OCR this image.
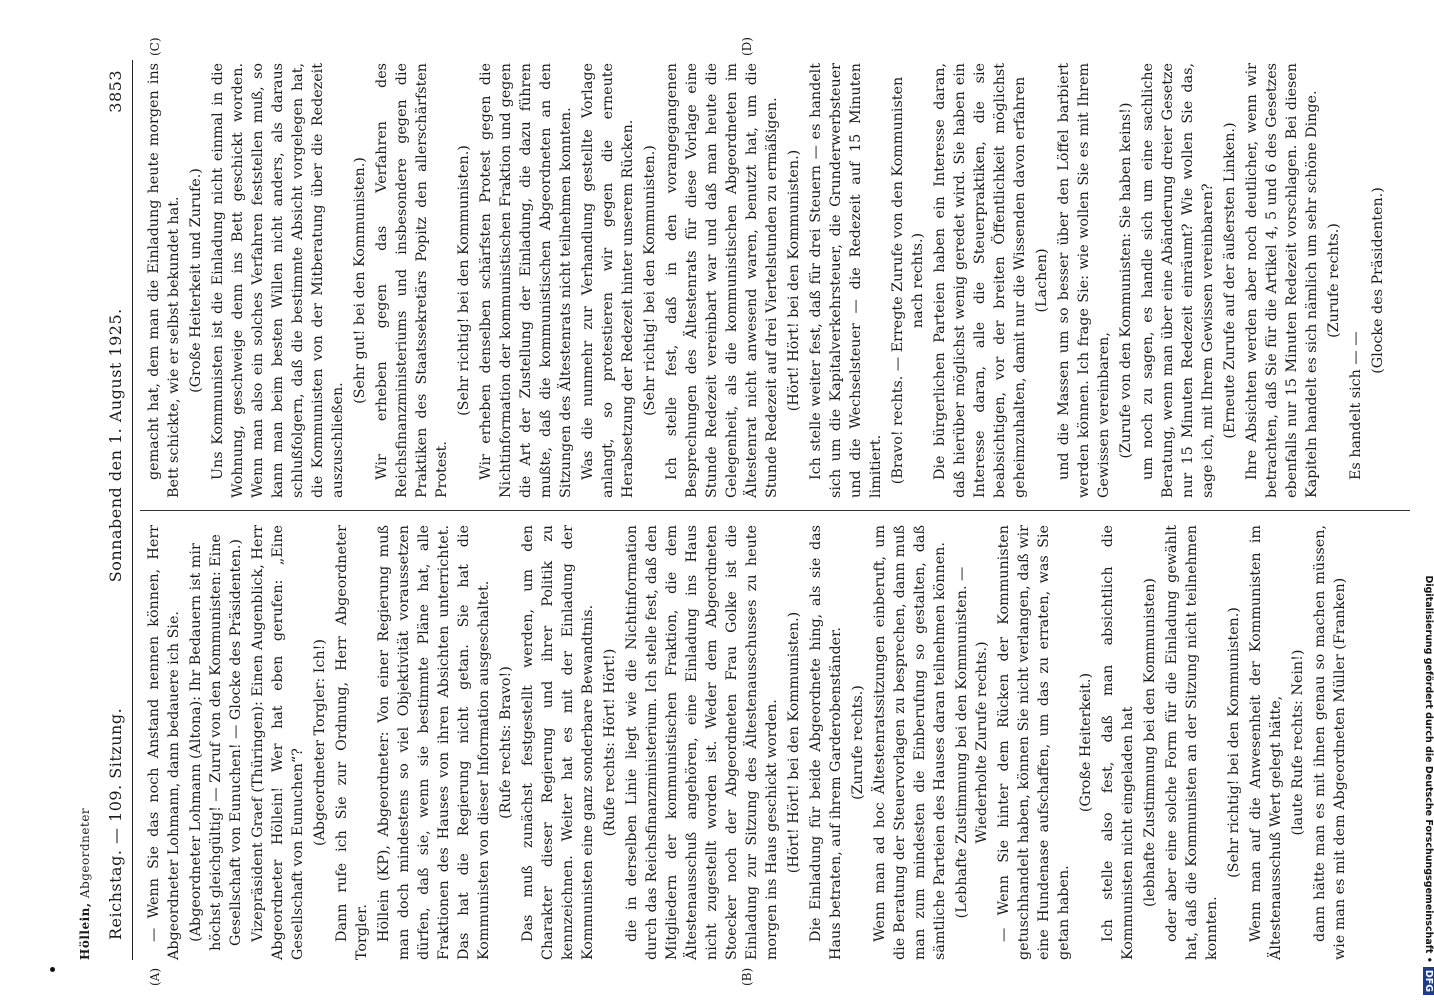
Höllein, Abgeordneter Reichstag. — 109. Sitzung.
Sonnabend den 1. August 1925.                                   3853
(A)	(B)
(C)	(D)

— Wenn Sie das noch Anstand nennen können, Herr Abgeordneter Lohmann, dann bedauere ich Sie. (Abgeordneter Lohmann (Altona): Ihr Bedauern ist mir höchst gleichgültig! — Zuruf von den Kommunisten: Eine Gesellschaft von Eunuchen! — Glocke des Präsidenten.) Vizepräsident Graef (Thüringen): Einen Augenblick, Herr Abgeordneter Höllein! Wer hat eben gerufen: „Eine Gesellschaft von Eunuchen“?

(Abgeordneter Torgler: Ich!) Dann rufe ich Sie zur Ordnung, Herr Abgeordneter Torgler. Höllein (KP), Abgeordneter: Von einer Regierung muß man doch mindestens so viel Objektivität voraussetzen dürfen, daß sie, wenn sie bestimmte Pläne hat, alle Fraktionen des Hauses von ihren Absichten unterrichtet. Das hat die Regierung nicht getan. Sie hat die Kommunisten von dieser Information ausgeschaltet. (Rufe rechts: Bravo!) Das muß zunächst festgestellt werden, um den Charakter dieser Regierung und ihrer Politik zu kennzeichnen. Weiter hat es mit der Einladung der Kommunisten eine ganz sonderbare Bewandtnis. (Rufe rechts: Hört! Hört!) die in derselben Linie liegt wie die Nichtinformation durch das Reichsfinanzministerium. Ich stelle fest, daß den Mitgliedern der kommunistischen Fraktion, die dem Ältestenausschuß angehören, eine Einladung ins Haus nicht zugestellt worden ist. Weder dem Abgeordneten Stoecker noch der Abgeordneten Frau Golke ist die Einladung zur Sitzung des Ältestenausschusses zu heute morgen ins Haus geschickt worden. (Hört! Hört! bei den Kommunisten.) Die Einladung für beide Abgeordnete hing, als sie das Haus betraten, auf ihrem Garderobenständer. (Zurufe rechts.) Wenn man ad hoc Ältestenratssitzungen einberuft, um die Beratung der Steuervorlagen zu besprechen, dann muß man zum mindesten die Einberufung so gestalten, daß sämtliche Parteien des Hauses daran teilnehmen können. (Lebhafte Zustimmung bei den Kommunisten. — Wiederholte Zurufe rechts.) — Wenn Sie hinter dem Rücken der Kommunisten getuschhandelt haben, können Sie nicht verlangen, daß wir eine Hundenase aufschaffen, um das zu erraten, was Sie getan haben.

(Große Heiterkeit.) Ich stelle also fest, daß man absichtlich die Kommunisten nicht eingeladen hat (lebhafte Zustimmung bei den Kommunisten) oder aber eine solche Form für die Einladung gewählt hat, daß die Kommunisten an der Sitzung nicht teilnehmen konnten.

(Sehr richtig! bei den Kommunisten.) Wenn man auf die Anwesenheit der Kommunisten im Ältestenausschuß Wert gelegt hätte, (laute Rufe rechts: Nein!) dann hätte man es mit ihnen genau so machen müssen, wie man es mit dem Abgeordneten Müller (Franken)

gemacht hat, dem man die Einladung heute morgen ins Bett schickte, wie er selbst bekundet hat. (Große Heiterkeit und Zurufe.) Uns Kommunisten ist die Einladung nicht einmal in die Wohnung, geschweige denn ins Bett geschickt worden. Wenn man also ein solches Verfahren feststellen muß, so kann man beim besten Willen nicht anders, als daraus schlußfolgern, daß die bestimmte Absicht vorgelegen hat, die Kommunisten von der Mitberatung über die Redezeit auszuschließen.

(Sehr gut! bei den Kommunisten.) Wir erheben gegen das Verfahren des Reichsfinanzministeriums und insbesondere gegen die Praktiken des Staatssekretärs Popitz den allerschärfsten Protest.

(Sehr richtig! bei den Kommunisten.) Wir erheben denselben schärfsten Protest gegen die Nichtinformation der kommunistischen Fraktion und gegen die Art der Zustellung der Einladung, die dazu führen mußte, daß die kommunistischen Abgeordneten an den Sitzungen des Ältestenrats nicht teilnehmen konnten. Was die nunmehr zur Verhandlung gestellte Vorlage anlangt, so protestieren wir gegen die erneute Herabsetzung der Redezeit hinter unserem Rücken. (Sehr richtig! bei den Kommunisten.) Ich stelle fest, daß in den vorangegangenen Besprechungen des Ältestenrats für diese Vorlage eine Stunde Redezeit vereinbart war und daß man heute die Gelegenheit, als die kommunistischen Abgeordneten im Ältestenrat nicht anwesend waren, benutzt hat, um die Stunde Redezeit auf drei Viertelstunden zu ermäßigen. (Hört! Hört! bei den Kommunisten.) Ich stelle weiter fest, daß für drei Steuern — es handelt sich um die Kapitalverkehrsteuer, die Grunderwerbsteuer und die Wechselsteuer — die Redezeit auf 15 Minuten limitiert. (Bravo! rechts. — Erregte Zurufe von den Kommunisten nach rechts.) Die bürgerlichen Parteien haben ein Interesse daran, daß hierüber möglichst wenig geredet wird. Sie haben ein Interesse daran, alle die Steuerpraktiken, die sie beabsichtigen, vor der breiten Öffentlichkeit möglichst geheimzuhalten, damit nur die Wissenden davon erfahren (Lachen) und die Massen um so besser über den Löffel barbiert werden können. Ich frage Sie: wie wollen Sie es mit Ihrem Gewissen vereinbaren, (Zurufe von den Kommunisten: Sie haben keins!) um noch zu sagen, es handle sich um eine sachliche Beratung, wenn man über eine Abänderung dreier Gesetze nur 15 Minuten Redezeit einräumt? Wie wollen Sie das, sage ich, mit Ihrem Gewissen vereinbaren? (Erneute Zurufe auf der äußersten Linken.) Ihre Absichten werden aber noch deutlicher, wenn wir betrachten, daß Sie für die Artikel 4, 5 und 6 des Gesetzes ebenfalls nur 15 Minuten Redezeit vorschlagen. Bei diesen Kapiteln handelt es sich nämlich um sehr schöne Dinge. (Zurufe rechts.)

Es handelt sich — —

(Glocke des Präsidenten.)

Digitalisierung gefördert durch die Deutsche Forschungsgemeinschaft •DFG
